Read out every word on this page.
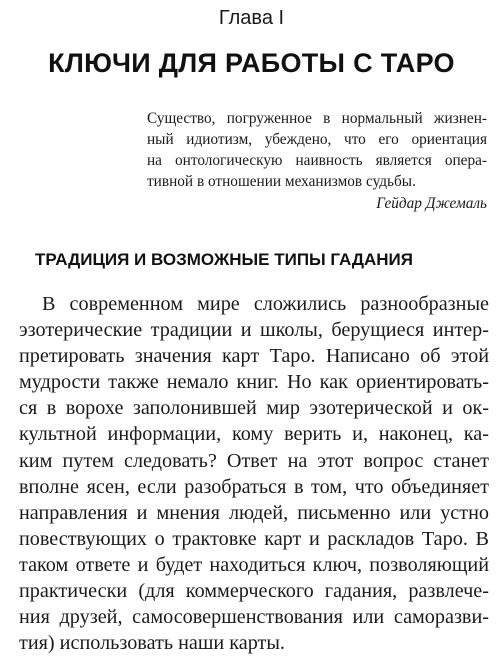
Глава I
КЛЮЧИ ДЛЯ РАБОТЫ С ТАРО
Существо, погруженное в нормальный жизнен-
ный идиотизм, убеждено, что его ориентация
на онтологическую наивность является опера-
тивной в отношении механизмов судьбы.
Гейдар Джемаль
ТРАДИЦИЯ И ВОЗМОЖНЫЕ ТИПЫ ГАДАНИЯ
В современном мире сложились разнообразные
эзотерические традиции и школы, берущиеся интер-
претировать значения карт Таро. Написано об этой
мудрости также немало книг. Но как ориентировать-
ся в ворохе заполонившей мир эзотерической и ок-
культной информации, кому верить и, наконец, ка-
ким путем следовать? Ответ на этот вопрос станет
вполне ясен, если разобраться в том, что объединяет
направления и мнения людей, письменно или устно
повествующих о трактовке карт и раскладов Таро. В
таком ответе и будет находиться ключ, позволяющий
практически (для коммерческого гадания, развлече-
ния друзей, самосовершенствования или саморазви-
тия) использовать наши карты.
